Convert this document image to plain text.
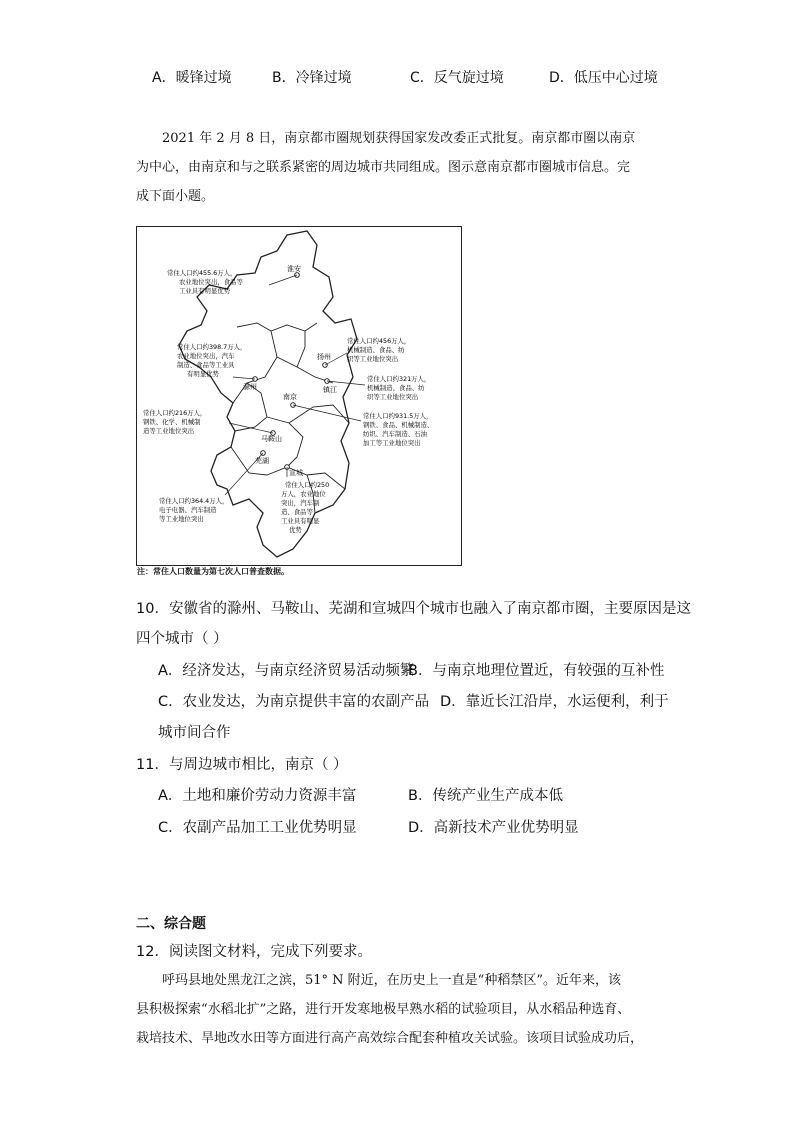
A．暖锋过境	B．冷锋过境	C．反气旋过境	D．低压中心过境
2021 年 2 月 8 日，南京都市圈规划获得国家发改委正式批复。南京都市圈以南京
为中心，由南京和与之联系紧密的周边城市共同组成。图示意南京都市圈城市信息。完
成下面小题。
淮安
扬州
滁州	镇江
南京
马鞍山
芜湖
宣城
常住人口约455.6万人，
农业地位突出，食品等
工业具有明显优势
常住人口约398.7万人，
农业地位突出，汽车
制造、食品等工业具
有明显优势
常住人口约456万人，
机械制造、食品、纺
织等工业地位突出
常住人口约321万人，
机械制造、食品、纺
织等工业地位突出
常住人口约931.5万人，
钢铁、食品、机械制造、
纺织、汽车制造、石油
加工等工业地位突出
常住人口约216万人，
钢铁、化学、机械制
造等工业地位突出
常住人口约364.4万人，
电子电器、汽车制造
等工业地位突出
常住人口约250
万人，农业地位
突出，汽车制
造、食品等
工业具有明显
优势
注：常住人口数量为第七次人口普查数据。
10．安徽省的滁州、马鞍山、芜湖和宣城四个城市也融入了南京都市圈，主要原因是这
四个城市（ ）
A．经济发达，与南京经济贸易活动频繁
B．与南京地理位置近，有较强的互补性
C．农业发达，为南京提供丰富的农副产品 D．靠近长江沿岸，水运便利，利于
城市间合作
11．与周边城市相比，南京（ ）
A．土地和廉价劳动力资源丰富	B．传统产业生产成本低
C．农副产品加工工业优势明显	D．高新技术产业优势明显
二、综合题
12．阅读图文材料，完成下列要求。
呼玛县地处黑龙江之滨，51° N 附近，在历史上一直是“种稻禁区”。近年来，该
县积极探索“水稻北扩”之路，进行开发寒地极早熟水稻的试验项目，从水稻品种选育、
栽培技术、旱地改水田等方面进行高产高效综合配套种植攻关试验。该项目试验成功后，
